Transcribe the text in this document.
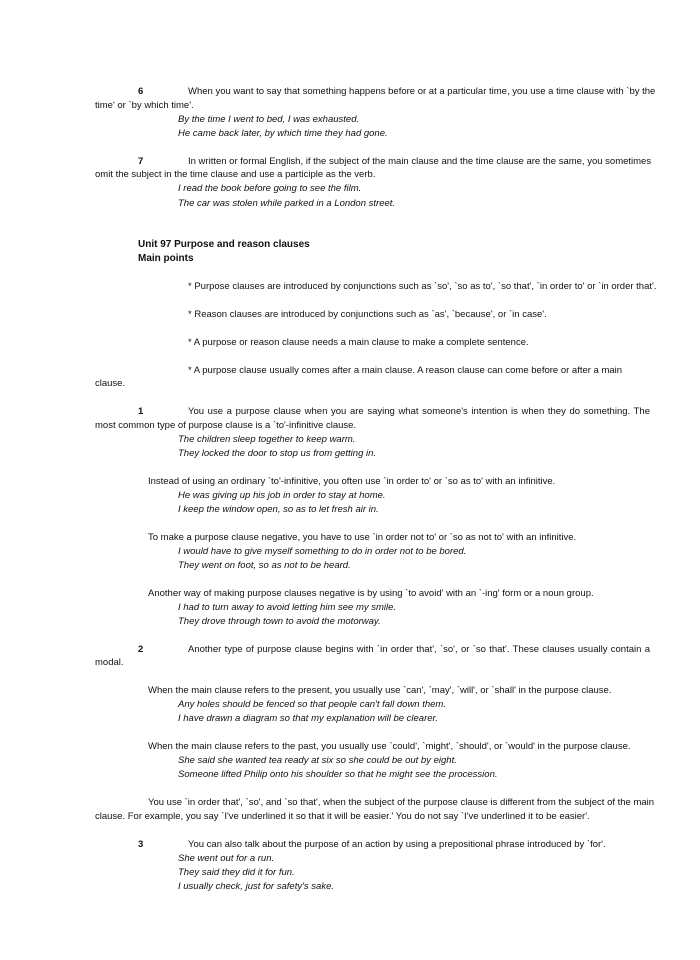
6	When you want to say that something happens before or at a particular time, you use a time clause with `by the
time' or `by which time'.
By the time I went to bed, I was exhausted.
He came back later, by which time they had gone.
7	In written or formal English, if the subject of the main clause and the time clause are the same, you sometimes
omit the subject in the time clause and use a participle as the verb.
I read the book before going to see the film.
The car was stolen while parked in a London street.
Unit 97 Purpose and reason clauses
Main points
* Purpose clauses are introduced by conjunctions such as `so', `so as to', `so that', `in order to' or `in order that'.
* Reason clauses are introduced by conjunctions such as `as', `because', or `in case'.
* A purpose or reason clause needs a main clause to make a complete sentence.
* A purpose clause usually comes after a main clause. A reason clause can come before or after a main
clause.
1	You use a purpose clause when you are saying what someone's intention is when they do something. The
most common type of purpose clause is a `to'-infinitive clause.
The children sleep together to keep warm.
They locked the door to stop us from getting in.
Instead of using an ordinary `to'-infinitive, you often use `in order to' or `so as to' with an infinitive.
He was giving up his job in order to stay at home.
I keep the window open, so as to let fresh air in.
To make a purpose clause negative, you have to use `in order not to' or `so as not to' with an infinitive.
I would have to give myself something to do in order not to be bored.
They went on foot, so as not to be heard.
Another way of making purpose clauses negative is by using `to avoid' with an `-ing' form or a noun group.
I had to turn away to avoid letting him see my smile.
They drove through town to avoid the motorway.
2	Another type of purpose clause begins with `in order that', `so', or `so that'. These clauses usually contain a
modal.
When the main clause refers to the present, you usually use `can', `may', `will', or `shall' in the purpose clause.
Any holes should be fenced so that people can't fall down them.
I have drawn a diagram so that my explanation will be clearer.
When the main clause refers to the past, you usually use `could', `might', `should', or `would' in the purpose clause.
She said she wanted tea ready at six so she could be out by eight.
Someone lifted Philip onto his shoulder so that he might see the procession.
You use `in order that', `so', and `so that', when the subject of the purpose clause is different from the subject of the main
clause. For example, you say `I've underlined it so that it will be easier.' You do not say `I've underlined it to be easier'.
3	You can also talk about the purpose of an action by using a prepositional phrase introduced by `for'.
She went out for a run.
They said they did it for fun.
I usually check, just for safety's sake.
